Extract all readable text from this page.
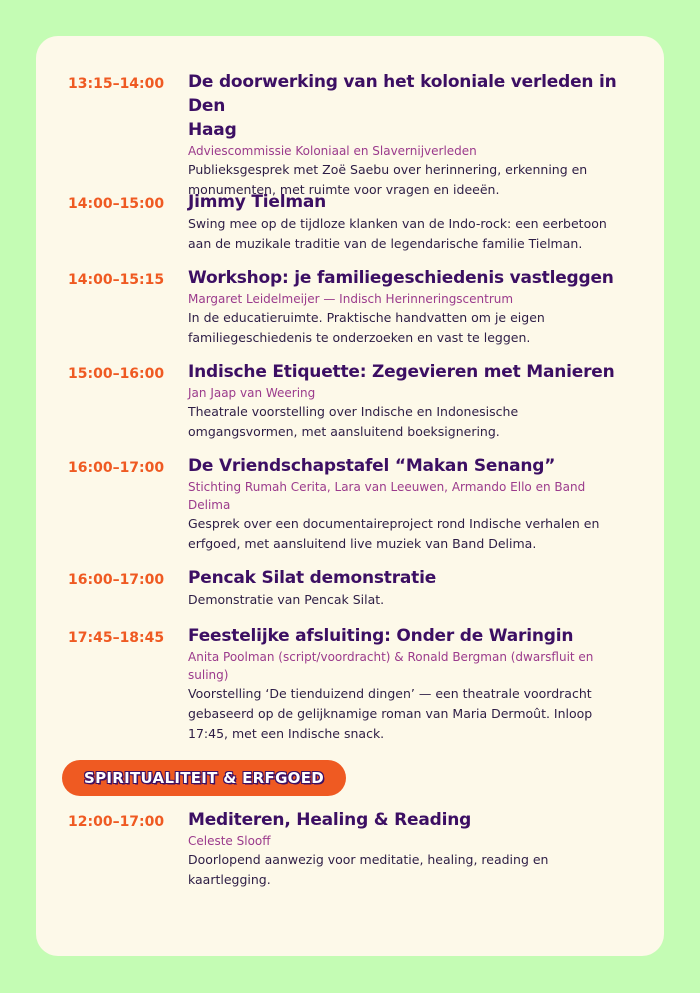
13:15–14:00 De doorwerking van het koloniale verleden in Den
Haag
Adviescommissie Koloniaal en Slavernijverleden
Publieksgesprek met Zoë Saebu over herinnering, erkenning en
monumenten, met ruimte voor vragen en ideeën.
14:00–15:00 Jimmy Tielman
Swing mee op de tijdloze klanken van de Indo-rock: een eerbetoon
aan de muzikale traditie van de legendarische familie Tielman.
14:00–15:15 Workshop: je familiegeschiedenis vastleggen
Margaret Leidelmeijer — Indisch Herinneringscentrum
In de educatieruimte. Praktische handvatten om je eigen
familiegeschiedenis te onderzoeken en vast te leggen.
15:00–16:00 Indische Etiquette: Zegevieren met Manieren
Jan Jaap van Weering
Theatrale voorstelling over Indische en Indonesische
omgangsvormen, met aansluitend boeksignering.
16:00–17:00 De Vriendschapstafel “Makan Senang”
Stichting Rumah Cerita, Lara van Leeuwen, Armando Ello en Band
Delima
Gesprek over een documentaireproject rond Indische verhalen en
erfgoed, met aansluitend live muziek van Band Delima.
16:00–17:00 Pencak Silat demonstratie
Demonstratie van Pencak Silat.
17:45–18:45 Feestelijke afsluiting: Onder de Waringin
Anita Poolman (script/voordracht) & Ronald Bergman (dwarsfluit en
suling)
Voorstelling ‘De tienduizend dingen’ — een theatrale voordracht
gebaseerd op de gelijknamige roman van Maria Dermoût. Inloop
17:45, met een Indische snack.
SPIRITUALITEIT & ERFGOED
12:00–17:00 Mediteren, Healing & Reading
Celeste Slooff
Doorlopend aanwezig voor meditatie, healing, reading en
kaartlegging.
